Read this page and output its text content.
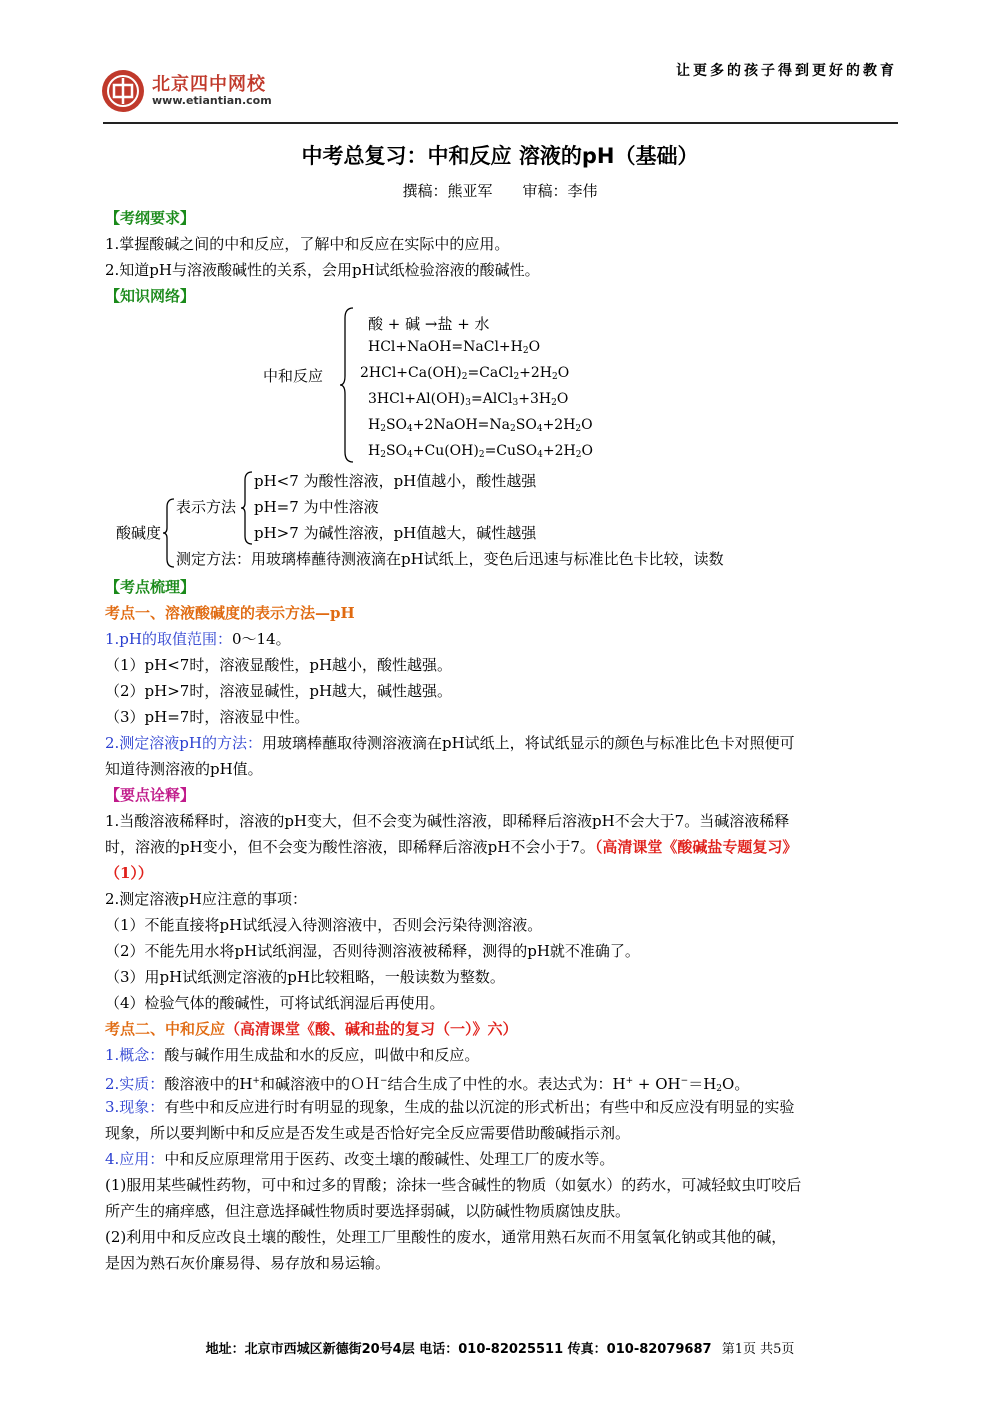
北京四中网校
www.etiantian.com
让更多的孩子得到更好的教育
中考总复习：中和反应 溶液的pH（基础）
撰稿：熊亚军　　审稿：李伟
【考纲要求】
1.掌握酸碱之间的中和反应，了解中和反应在实际中的应用。
2.知道pH与溶液酸碱性的关系，会用pH试纸检验溶液的酸碱性。
【知识网络】
中和反应
酸 + 碱 →盐 + 水
$HCl+NaOH=NaCl+H_2O$
$2HCl+Ca(OH)_2=CaCl_2+2H_2O$
$3HCl+Al(OH)_3=AlCl_3+3H_2O$
$H_2SO_4+2NaOH=Na_2SO_4+2H_2O$
$H_2SO_4+Cu(OH)_2=CuSO_4+2H_2O$
酸碱度
表示方法
pH<7 为酸性溶液，pH值越小，酸性越强
pH=7 为中性溶液
pH>7 为碱性溶液，pH值越大，碱性越强
测定方法：用玻璃棒蘸待测液滴在pH试纸上，变色后迅速与标准比色卡比较，读数
【考点梳理】
考点一、溶液酸碱度的表示方法—pH
1.pH的取值范围：0～14。
（1）pH<7时，溶液显酸性，pH越小，酸性越强。
（2）pH>7时，溶液显碱性，pH越大，碱性越强。
（3）pH=7时，溶液显中性。
2.测定溶液pH的方法：用玻璃棒蘸取待测溶液滴在pH试纸上，将试纸显示的颜色与标准比色卡对照便可
知道待测溶液的pH值。
【要点诠释】
1.当酸溶液稀释时，溶液的pH变大，但不会变为碱性溶液，即稀释后溶液pH不会大于7。当碱溶液稀释
时，溶液的pH变小，但不会变为酸性溶液，即稀释后溶液pH不会小于7。（高清课堂《酸碱盐专题复习》
（1））
2.测定溶液pH应注意的事项：
（1）不能直接将pH试纸浸入待测溶液中，否则会污染待测溶液。
（2）不能先用水将pH试纸润湿，否则待测溶液被稀释，测得的pH就不准确了。
（3）用pH试纸测定溶液的pH比较粗略，一般读数为整数。
（4）检验气体的酸碱性，可将试纸润湿后再使用。
考点二、中和反应（高清课堂《酸、碱和盐的复习（一）》六）
1.概念：酸与碱作用生成盐和水的反应，叫做中和反应。
2.实质：酸溶液中的H+和碱溶液中的ＯＨ−结合生成了中性的水。表达式为：$H^+ + OH^-=H_2O$。
3.现象：有些中和反应进行时有明显的现象，生成的盐以沉淀的形式析出；有些中和反应没有明显的实验
现象，所以要判断中和反应是否发生或是否恰好完全反应需要借助酸碱指示剂。
4.应用：中和反应原理常用于医药、改变土壤的酸碱性、处理工厂的废水等。
(1)服用某些碱性药物，可中和过多的胃酸；涂抹一些含碱性的物质（如氨水）的药水，可减轻蚊虫叮咬后
所产生的痛痒感，但注意选择碱性物质时要选择弱碱，以防碱性物质腐蚀皮肤。
(2)利用中和反应改良土壤的酸性，处理工厂里酸性的废水，通常用熟石灰而不用氢氧化钠或其他的碱，
是因为熟石灰价廉易得、易存放和易运输。
地址：北京市西城区新德街20号4层 电话：010-82025511 传真：010-82079687 第1页 共5页
